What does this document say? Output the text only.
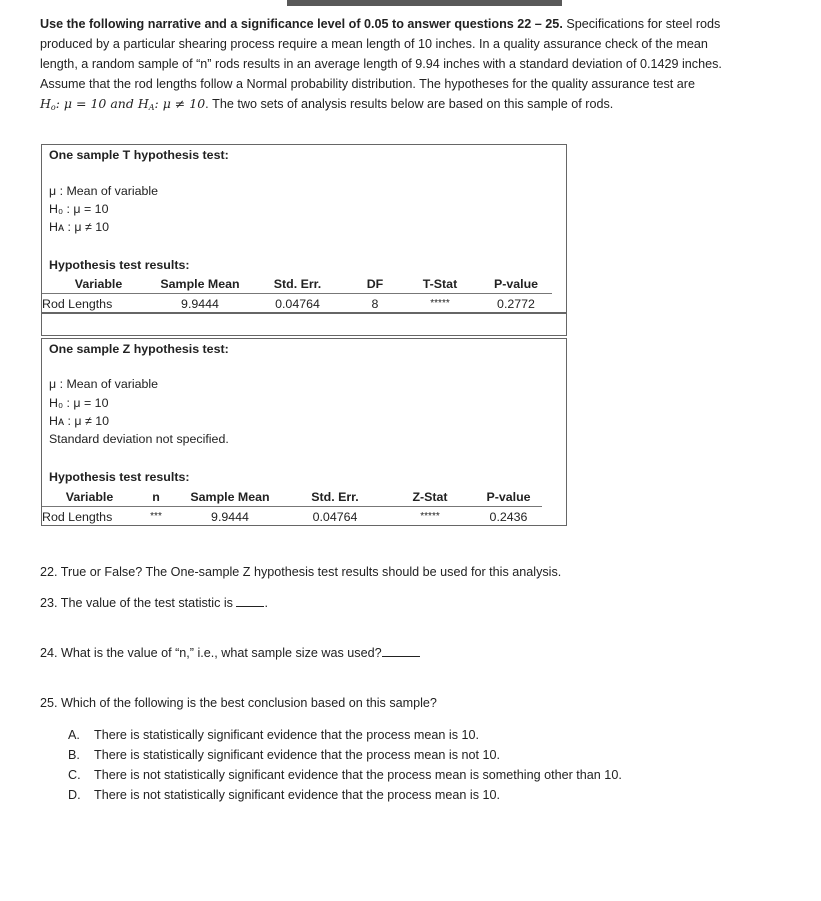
Use the following narrative and a significance level of 0.05 to answer questions 22 – 25. Specifications for steel rods
produced by a particular shearing process require a mean length of 10 inches. In a quality assurance check of the mean
length, a random sample of “n” rods results in an average length of 9.94 inches with a standard deviation of 0.1429 inches.
Assume that the rod lengths follow a Normal probability distribution. The hypotheses for the quality assurance test are
$H_o$: μ = 10 and $H_A$: μ ≠ 10. The two sets of analysis results below are based on this sample of rods.
One sample T hypothesis test:
μ : Mean of variable
H₀ : μ = 10
Hᴀ : μ ≠ 10
Hypothesis test results:
Variable	Sample Mean	Std. Err.	DF	T-Stat	P-value
Rod Lengths	9.9444	0.04764	8	*****	0.2772
One sample Z hypothesis test:
μ : Mean of variable
H₀ : μ = 10
Hᴀ : μ ≠ 10
Standard deviation not specified.
Hypothesis test results:
Variable	n	Sample Mean	Std. Err.	Z-Stat	P-value
Rod Lengths	***	9.9444	0.04764	*****	0.2436
22. True or False? The One-sample Z hypothesis test results should be used for this analysis.
23. The value of the test statistic is	.
24. What is the value of “n,” i.e., what sample size was used?
25. Which of the following is the best conclusion based on this sample?
A. There is statistically significant evidence that the process mean is 10.
B. There is statistically significant evidence that the process mean is not 10.
C. There is not statistically significant evidence that the process mean is something other than 10.
D. There is not statistically significant evidence that the process mean is 10.
